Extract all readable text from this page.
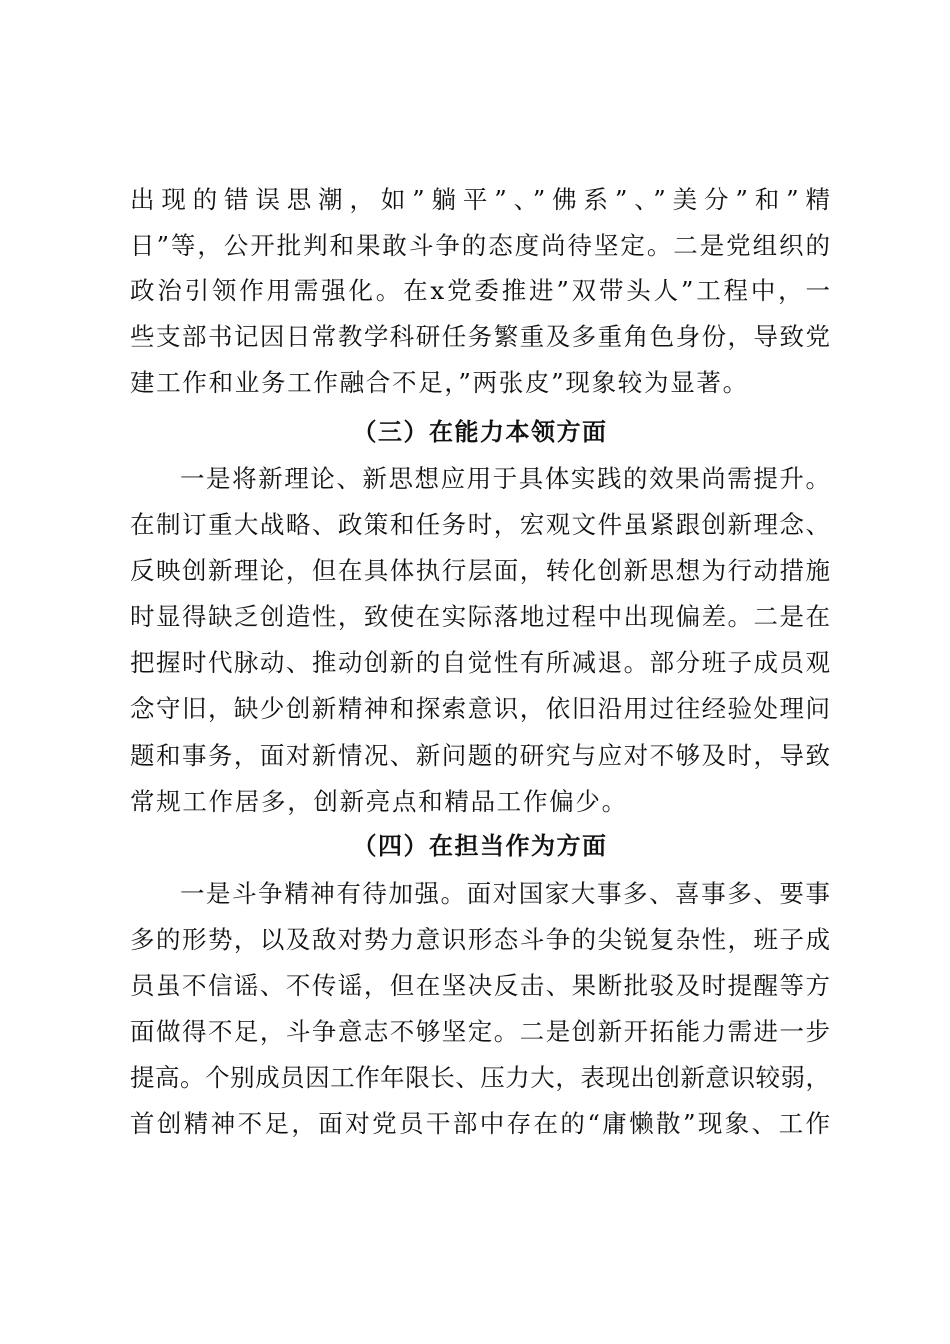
出现的错误思潮，如”躺平”、”佛系”、”美分”和”精
日”等，公开批判和果敢斗争的态度尚待坚定。二是党组织的
政治引领作用需强化。在x党委推进”双带头人”工程中，一
些支部书记因日常教学科研任务繁重及多重角色身份，导致党
建工作和业务工作融合不足，”两张皮”现象较为显著。
（三）在能力本领方面
一是将新理论、新思想应用于具体实践的效果尚需提升。
在制订重大战略、政策和任务时，宏观文件虽紧跟创新理念、
反映创新理论，但在具体执行层面，转化创新思想为行动措施
时显得缺乏创造性，致使在实际落地过程中出现偏差。二是在
把握时代脉动、推动创新的自觉性有所减退。部分班子成员观
念守旧，缺少创新精神和探索意识，依旧沿用过往经验处理问
题和事务，面对新情况、新问题的研究与应对不够及时，导致
常规工作居多，创新亮点和精品工作偏少。
（四）在担当作为方面
一是斗争精神有待加强。面对国家大事多、喜事多、要事
多的形势，以及敌对势力意识形态斗争的尖锐复杂性，班子成
员虽不信谣、不传谣，但在坚决反击、果断批驳及时提醒等方
面做得不足，斗争意志不够坚定。二是创新开拓能力需进一步
提高。个别成员因工作年限长、压力大，表现出创新意识较弱，
首创精神不足，面对党员干部中存在的“庸懒散”现象、工作
